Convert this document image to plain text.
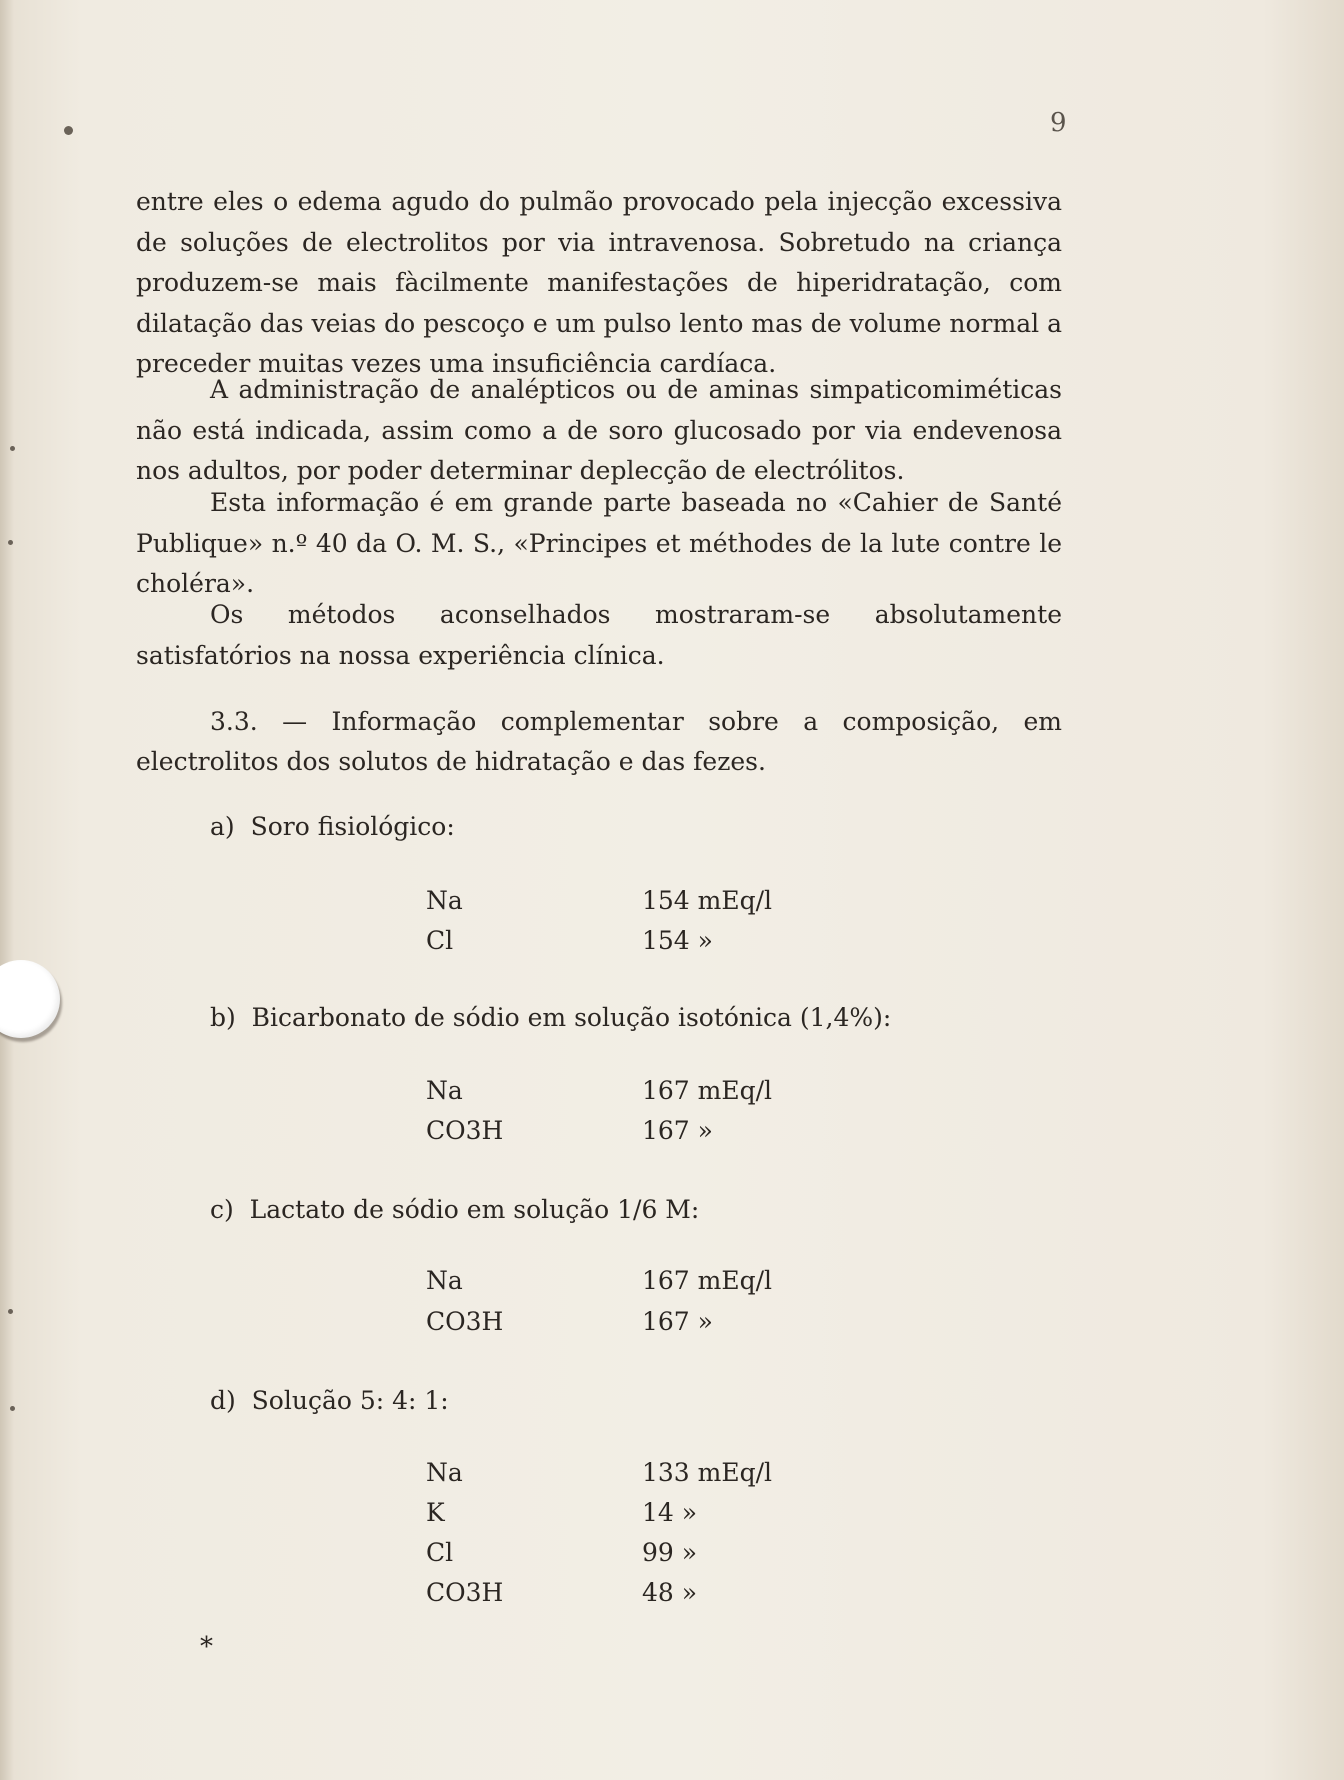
9

entre eles o edema agudo do pulmão provocado pela injecção excessiva de soluções de electrolitos por via intravenosa. Sobretudo na criança produzem-se mais fàcilmente manifestações de hiperidratação, com dilatação das veias do pescoço e um pulso lento mas de volume normal a preceder muitas vezes uma insuficiência cardíaca.

A administração de analépticos ou de aminas simpaticomiméticas não está indicada, assim como a de soro glucosado por via endevenosa nos adultos, por poder determinar deplecção de electrólitos.

Esta informação é em grande parte baseada no «Cahier de Santé Publique» n.º 40 da O. M. S., «Principes et méthodes de la lute contre le choléra».

Os métodos aconselhados mostraram-se absolutamente satisfatórios na nossa experiência clínica.

3.3. — Informação complementar sobre a composição, em electrolitos dos solutos de hidratação e das fezes.
a) Soro fisiológico:
Na	154 mEq/l
Cl	154 »
b) Bicarbonato de sódio em solução isotónica (1,4%):
Na	167 mEq/l
CO3H	167 »
c) Lactato de sódio em solução 1/6 M:
Na	167 mEq/l
CO3H	167 »
d) Solução 5: 4: 1:
Na	133 mEq/l
K	14 »
Cl	99 »
CO3H	48 »
*
